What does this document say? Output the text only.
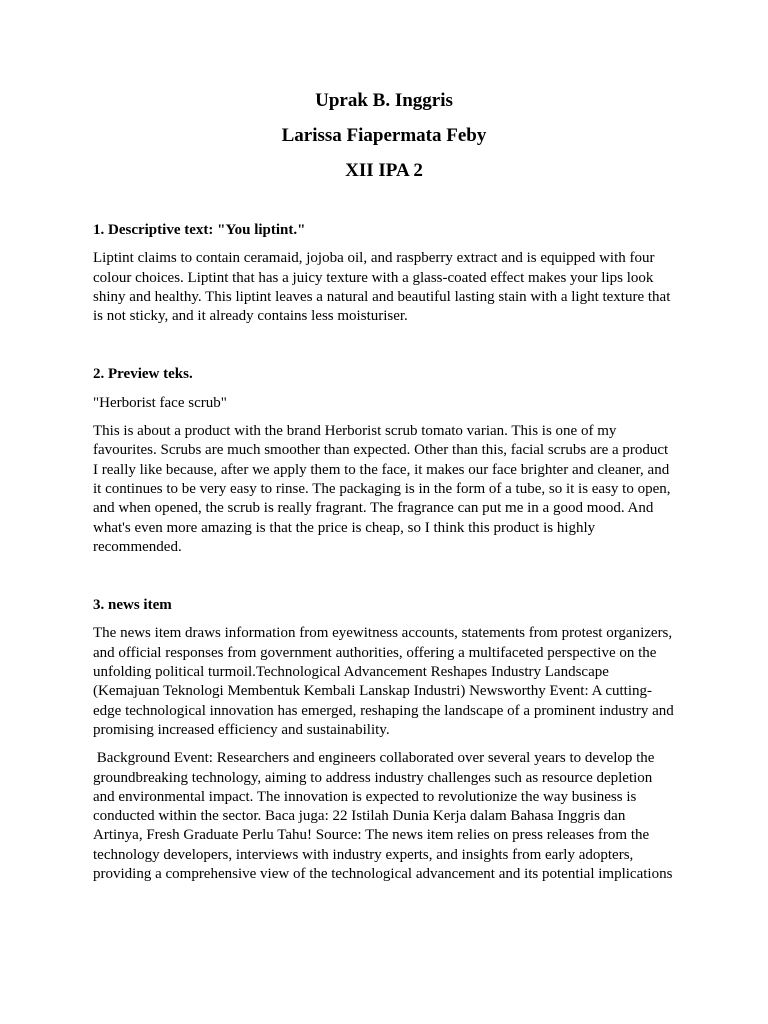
Uprak B. Inggris
Larissa Fiapermata Feby
XII IPA 2

1. Descriptive text: "You liptint."

Liptint claims to contain ceramaid, jojoba oil, and raspberry extract and is equipped with four colour choices. Liptint that has a juicy texture with a glass-coated effect makes your lips look shiny and healthy. This liptint leaves a natural and beautiful lasting stain with a light texture that is not sticky, and it already contains less moisturiser.

2. Preview teks.

"Herborist face scrub"

This is about a product with the brand Herborist scrub tomato varian. This is one of my favourites. Scrubs are much smoother than expected. Other than this, facial scrubs are a product I really like because, after we apply them to the face, it makes our face brighter and cleaner, and it continues to be very easy to rinse. The packaging is in the form of a tube, so it is easy to open, and when opened, the scrub is really fragrant. The fragrance can put me in a good mood. And what's even more amazing is that the price is cheap, so I think this product is highly recommended.

3. news item

The news item draws information from eyewitness accounts, statements from protest organizers, and official responses from government authorities, offering a multifaceted perspective on the unfolding political turmoil.Technological Advancement Reshapes Industry Landscape (Kemajuan Teknologi Membentuk Kembali Lanskap Industri) Newsworthy Event: A cutting-edge technological innovation has emerged, reshaping the landscape of a prominent industry and promising increased efficiency and sustainability.

Background Event: Researchers and engineers collaborated over several years to develop the groundbreaking technology, aiming to address industry challenges such as resource depletion and environmental impact. The innovation is expected to revolutionize the way business is conducted within the sector. Baca juga: 22 Istilah Dunia Kerja dalam Bahasa Inggris dan Artinya, Fresh Graduate Perlu Tahu! Source: The news item relies on press releases from the technology developers, interviews with industry experts, and insights from early adopters, providing a comprehensive view of the technological advancement and its potential implications
